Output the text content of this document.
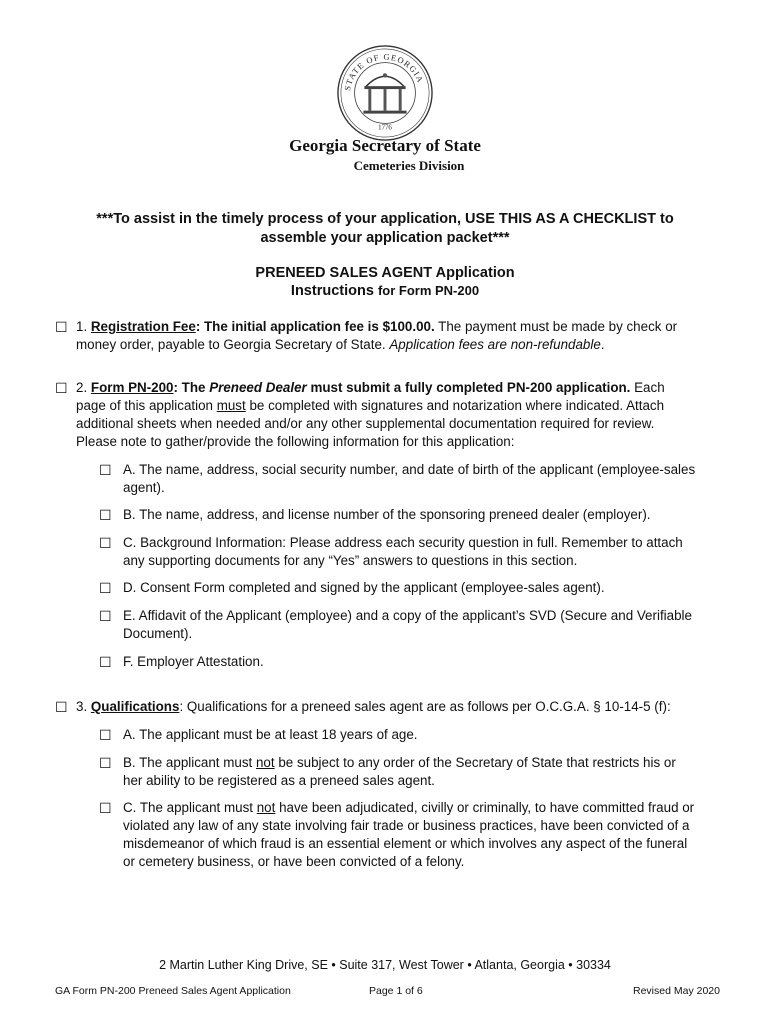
STATE OF GEORGIA
1776
Georgia Secretary of State
Cemeteries Division
***To assist in the timely process of your application, USE THIS AS A CHECKLIST to
assemble your application packet***
PRENEED SALES AGENT Application
Instructions for Form PN-200
☐ 1. Registration Fee: The initial application fee is $100.00. The payment must be made by check or
money order, payable to Georgia Secretary of State. Application fees are non-refundable.
☐ 2. Form PN-200: The Preneed Dealer must submit a fully completed PN-200 application. Each
page of this application must be completed with signatures and notarization where indicated. Attach
additional sheets when needed and/or any other supplemental documentation required for review.
Please note to gather/provide the following information for this application:
☐ A. The name, address, social security number, and date of birth of the applicant (employee-sales
agent).
☐ B. The name, address, and license number of the sponsoring preneed dealer (employer).
☐ C. Background Information: Please address each security question in full. Remember to attach
any supporting documents for any “Yes” answers to questions in this section.
☐ D. Consent Form completed and signed by the applicant (employee-sales agent).
☐ E. Affidavit of the Applicant (employee) and a copy of the applicant’s SVD (Secure and Verifiable
Document).
☐ F. Employer Attestation.
☐ 3. Qualifications: Qualifications for a preneed sales agent are as follows per O.C.G.A. § 10-14-5 (f):
☐ A. The applicant must be at least 18 years of age.
☐ B. The applicant must not be subject to any order of the Secretary of State that restricts his or
her ability to be registered as a preneed sales agent.
☐ C. The applicant must not have been adjudicated, civilly or criminally, to have committed fraud or
violated any law of any state involving fair trade or business practices, have been convicted of a
misdemeanor of which fraud is an essential element or which involves any aspect of the funeral
or cemetery business, or have been convicted of a felony.
2 Martin Luther King Drive, SE • Suite 317, West Tower • Atlanta, Georgia • 30334
GA Form PN-200 Preneed Sales Agent Application	Page 1 of 6	Revised May 2020
